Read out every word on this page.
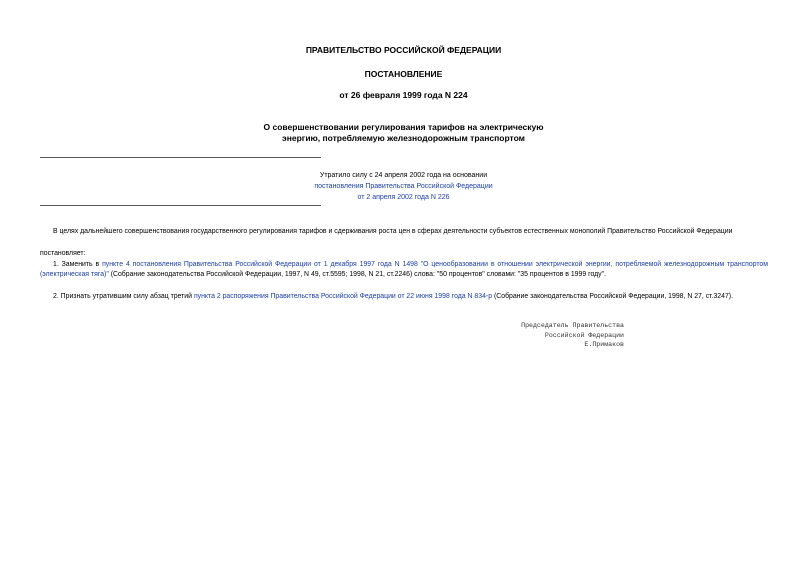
ПРАВИТЕЛЬСТВО РОССИЙСКОЙ ФЕДЕРАЦИИ
ПОСТАНОВЛЕНИЕ
от 26 февраля 1999 года N 224
О совершенствовании регулирования тарифов на электрическую
энергию, потребляемую железнодорожным транспортом
Утратило силу с 24 апреля 2002 года на основании
постановления Правительства Российской Федерации
от 2 апреля 2002 года N 226
В целях дальнейшего совершенствования государственного регулирования тарифов и сдерживания роста цен в сферах деятельности субъектов естественных монополий Правительство Российской Федерации
постановляет:
1. Заменить в пункте 4 постановления Правительства Российской Федерации от 1 декабря 1997 года N 1498 "О ценообразовании в отношении электрической энергии, потребляемой железнодорожным транспортом (электрическая тяга)" (Собрание законодательства Российской Федерации, 1997, N 49, ст.5595; 1998, N 21, ст.2246) слова: "50 процентов" словами: "35 процентов в 1999 году".
2. Признать утратившим силу абзац третий пункта 2 распоряжения Правительства Российской Федерации от 22 июня 1998 года N 834-р (Собрание законодательства Российской Федерации, 1998, N 27, ст.3247).
Председатель Правительства
Российской Федерации
Е.Примаков
